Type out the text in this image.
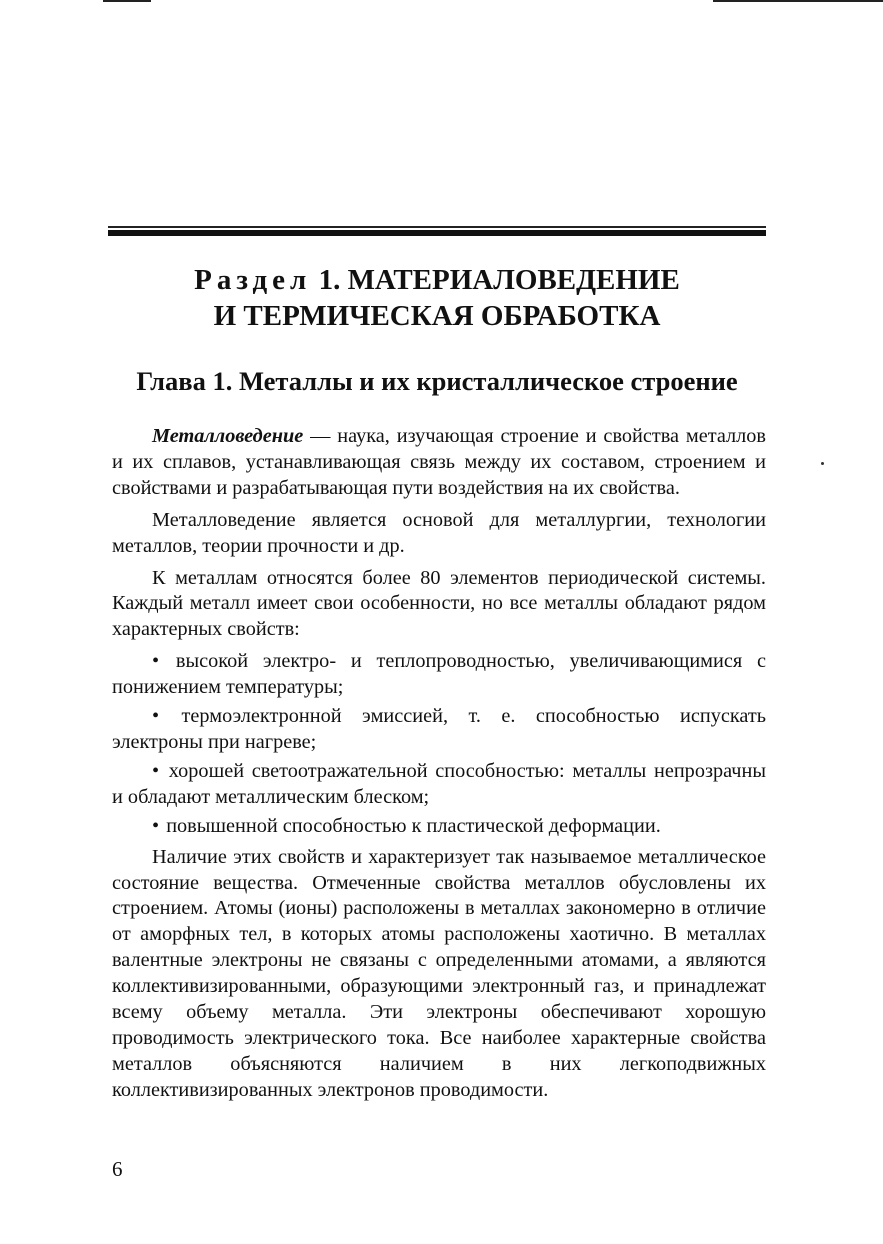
Раздел 1. МАТЕРИАЛОВЕДЕНИЕ
И ТЕРМИЧЕСКАЯ ОБРАБОТКА
Глава 1. Металлы и их кристаллическое строение

Металловедение — наука, изучающая строение и свойства металлов и их сплавов, устанавливающая связь между их составом, строением и свойствами и разрабатывающая пути воздействия на их свойства.

Металловедение является основой для металлургии, технологии металлов, теории прочности и др.

К металлам относятся более 80 элементов периодической системы. Каждый металл имеет свои особенности, но все металлы обладают рядом характерных свойств:

• высокой электро- и теплопроводностью, увеличивающимися с понижением температуры;

• термоэлектронной эмиссией, т. е. способностью испускать электроны при нагреве;

• хорошей светоотражательной способностью: металлы непрозрачны и обладают металлическим блеском;

• повышенной способностью к пластической деформации.

Наличие этих свойств и характеризует так называемое металлическое состояние вещества. Отмеченные свойства металлов обусловлены их строением. Атомы (ионы) расположены в металлах закономерно в отличие от аморфных тел, в которых атомы расположены хаотично. В металлах валентные электроны не связаны с определенными атомами, а являются коллективизированными, образующими электронный газ, и принадлежат всему объему металла. Эти электроны обеспечивают хорошую проводимость электрического тока. Все наиболее характерные свойства металлов объясняются наличием в них легкоподвижных коллективизированных электронов проводимости.

6
